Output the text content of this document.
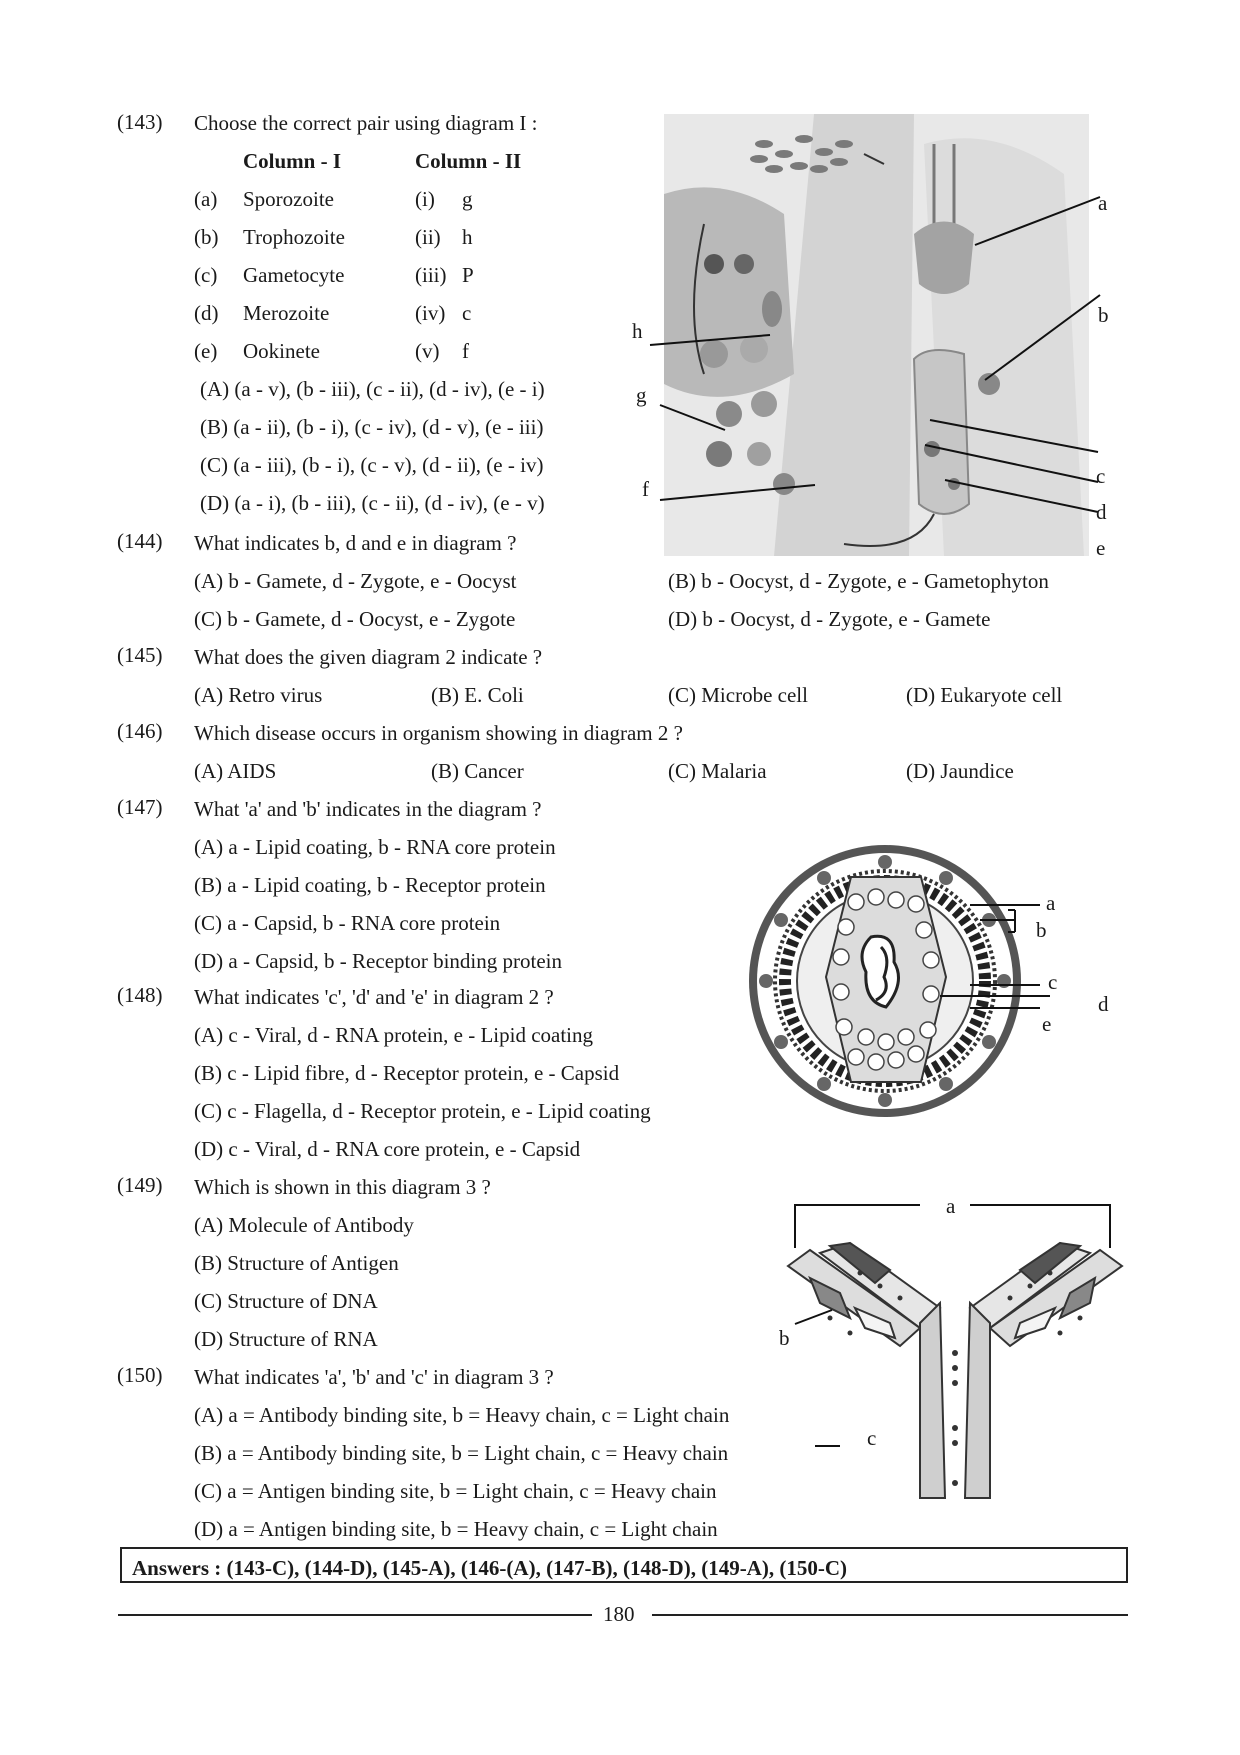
(143) Choose the correct pair using diagram I :
Column - I	Column - II
(a) Sporozoite	(i) g
(b) Trophozoite	(ii) h
(c) Gametocyte	(iii) P
(d) Merozoite	(iv) c
(e) Ookinete	(v) f
(A) (a - v), (b - iii), (c - ii), (d - iv), (e - i)
(B) (a - ii), (b - i), (c - iv), (d - v), (e - iii)
(C) (a - iii), (b - i), (c - v), (d - ii), (e - iv)
(D) (a - i), (b - iii), (c - ii), (d - iv), (e - v)
a
b
c
d
e
f
g
h
(144) What indicates b, d and e in diagram ?
(A) b - Gamete, d - Zygote, e - Oocyst	(B) b - Oocyst, d - Zygote, e - Gametophyton
(C) b - Gamete, d - Oocyst, e - Zygote	(D) b - Oocyst, d - Zygote, e - Gamete
(145) What does the given diagram 2 indicate ?
(A) Retro virus	(B) E. Coli	(C) Microbe cell	(D) Eukaryote cell
(146) Which disease occurs in organism showing in diagram 2 ?
(A) AIDS	(B) Cancer	(C) Malaria	(D) Jaundice
(147) What 'a' and 'b' indicates in the diagram ?
(A) a - Lipid coating, b - RNA core protein
(B) a - Lipid coating, b - Receptor protein
(C) a - Capsid, b - RNA core protein
(D) a - Capsid, b - Receptor binding protein
a
b
c
d
e
(148) What indicates 'c', 'd' and 'e' in diagram 2 ?
(A) c - Viral, d - RNA protein, e - Lipid coating
(B) c - Lipid fibre, d - Receptor protein, e - Capsid
(C) c - Flagella, d - Receptor protein, e - Lipid coating
(D) c - Viral, d - RNA core protein, e - Capsid
(149) Which is shown in this diagram 3 ?
(A) Molecule of Antibody
(B) Structure of Antigen
(C) Structure of DNA
(D) Structure of RNA
a
b
c
(150) What indicates 'a', 'b' and 'c' in diagram 3 ?
(A) a = Antibody binding site, b = Heavy chain, c = Light chain
(B) a = Antibody binding site, b = Light chain, c = Heavy chain
(C) a = Antigen binding site, b = Light chain, c = Heavy chain
(D) a = Antigen binding site, b = Heavy chain, c = Light chain
Answers : (143-C), (144-D), (145-A), (146-(A), (147-B), (148-D), (149-A), (150-C)
180
